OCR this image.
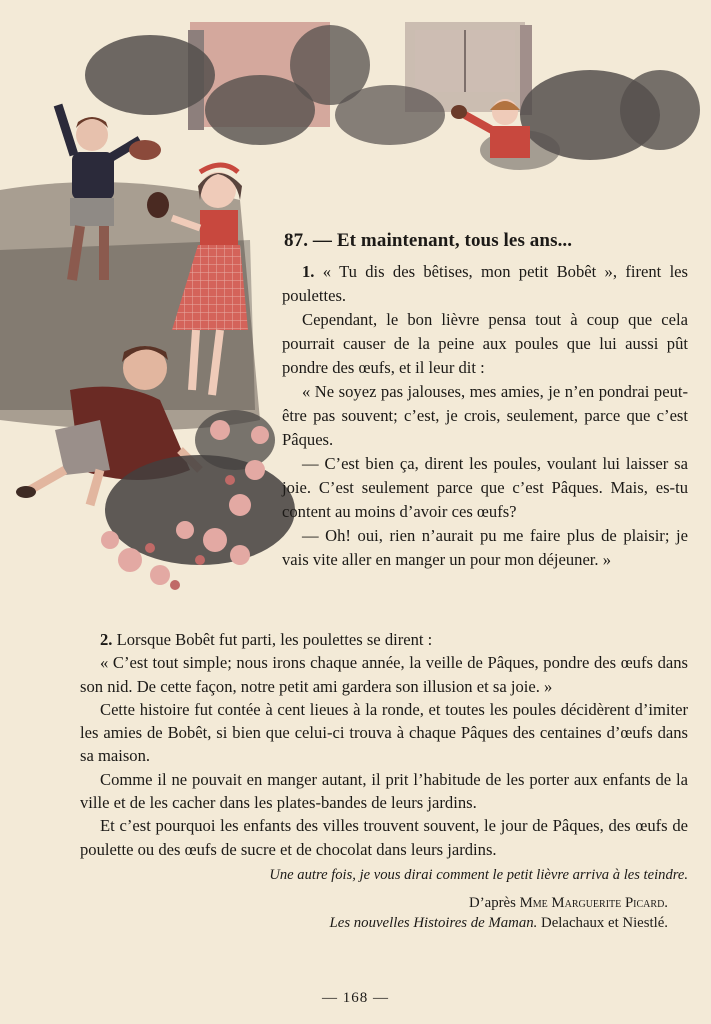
87. — Et maintenant, tous les ans...

1. « Tu dis des bêtises, mon petit Bobêt », firent les poulettes.

Cependant, le bon lièvre pensa tout à coup que cela pourrait causer de la peine aux poules que lui aussi pût pondre des œufs, et il leur dit :

« Ne soyez pas jalouses, mes amies, je n’en pondrai peut-être pas souvent; c’est, je crois, seulement, parce que c’est Pâques.

— C’est bien ça, dirent les poules, voulant lui laisser sa joie. C’est seulement parce que c’est Pâques. Mais, es-tu content au moins d’avoir ces œufs?

— Oh! oui, rien n’aurait pu me faire plus de plaisir; je vais vite aller en manger un pour mon déjeuner. »

2. Lorsque Bobêt fut parti, les poulettes se dirent :

« C’est tout simple; nous irons chaque année, la veille de Pâques, pondre des œufs dans son nid. De cette façon, notre petit ami gardera son illusion et sa joie. »

Cette histoire fut contée à cent lieues à la ronde, et toutes les poules décidèrent d’imiter les amies de Bobêt, si bien que celui-ci trouva à chaque Pâques des centaines d’œufs dans sa maison.

Comme il ne pouvait en manger autant, il prit l’habitude de les porter aux enfants de la ville et de les cacher dans les plates-bandes de leurs jardins.

Et c’est pourquoi les enfants des villes trouvent souvent, le jour de Pâques, des œufs de poulette ou des œufs de sucre et de chocolat dans leurs jardins.

Une autre fois, je vous dirai comment le petit lièvre arriva à les teindre.

D’après Mme Marguerite Picard.
Les nouvelles Histoires de Maman. Delachaux et Niestlé.
— 168 —
